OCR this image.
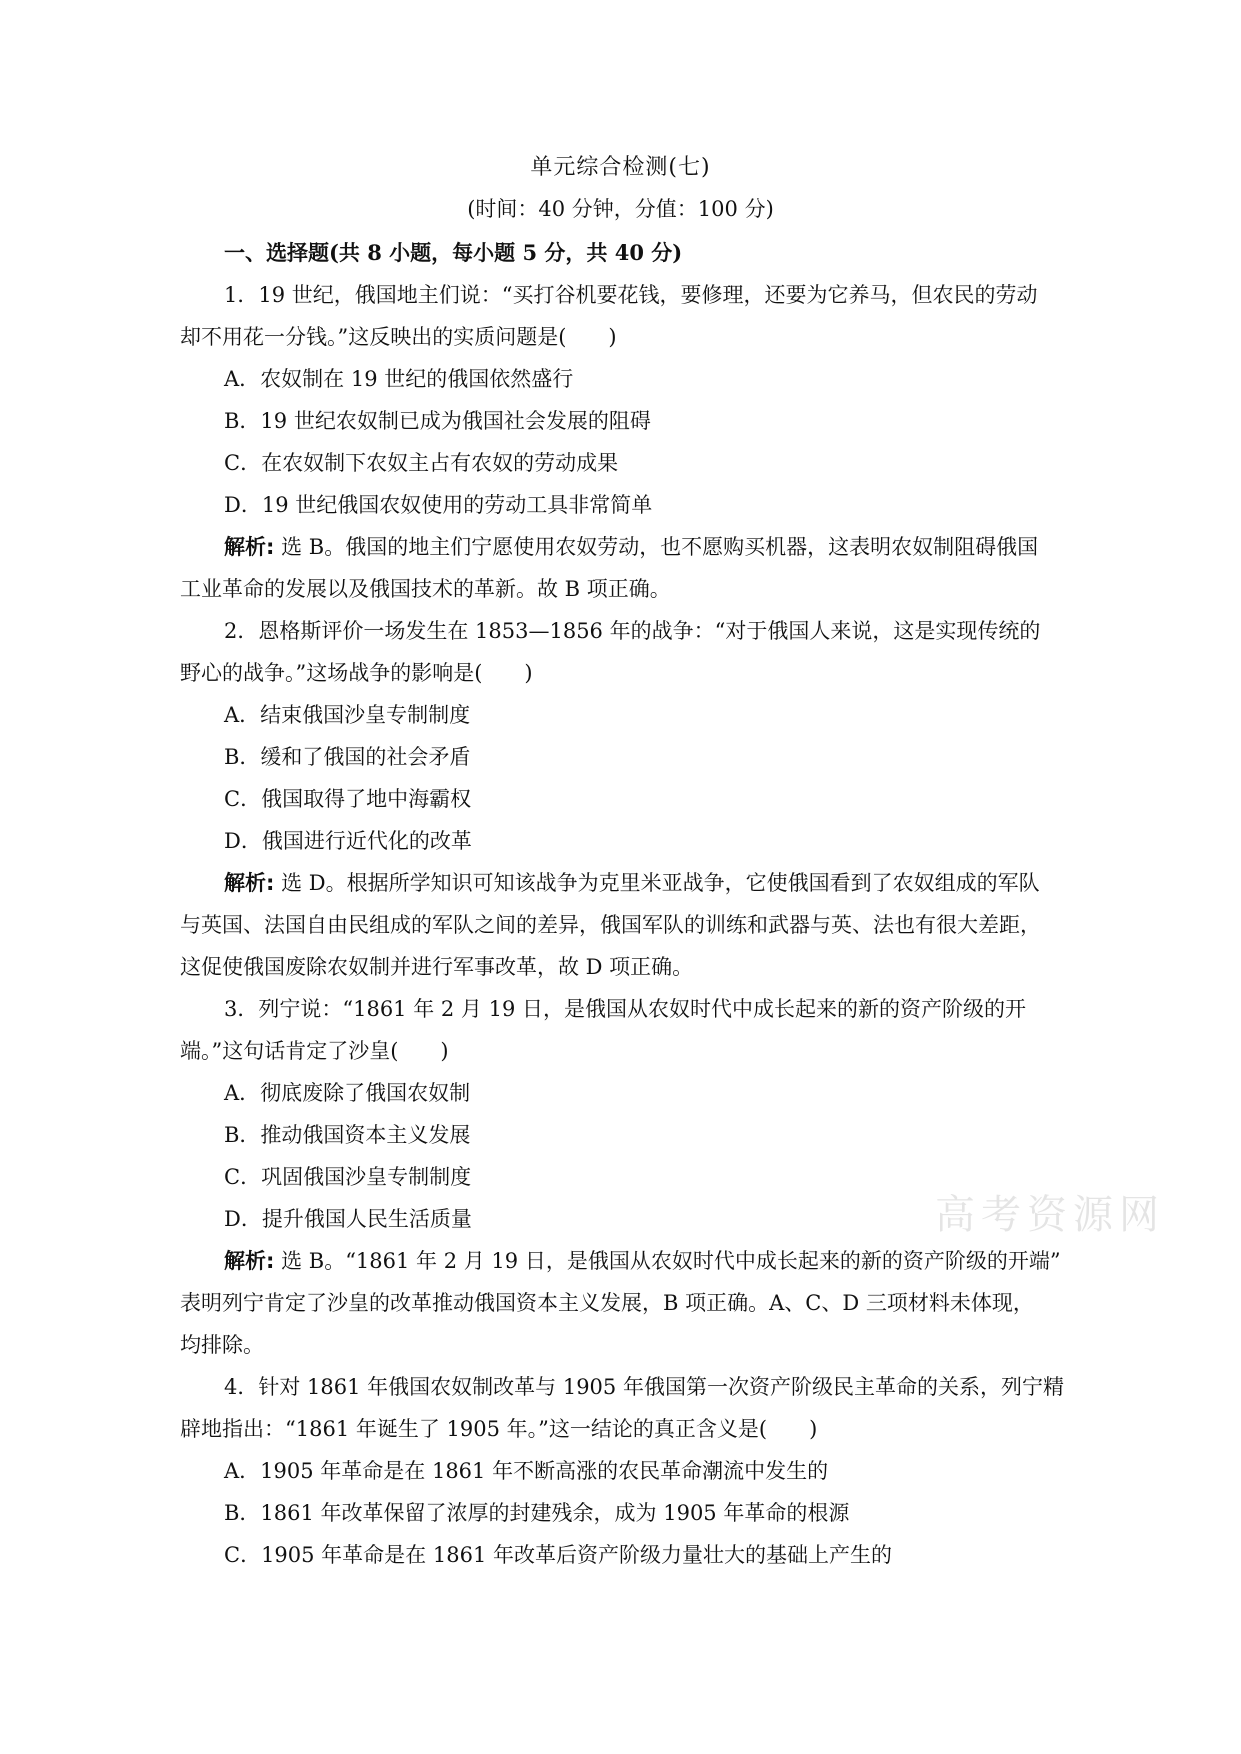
单元综合检测(七)
(时间：40 分钟，分值：100 分)
一、选择题(共 8 小题，每小题 5 分，共 40 分)
1．19 世纪，俄国地主们说：“买打谷机要花钱，要修理，还要为它养马，但农民的劳动
却不用花一分钱。”这反映出的实质问题是(　　)
A．农奴制在 19 世纪的俄国依然盛行
B．19 世纪农奴制已成为俄国社会发展的阻碍
C．在农奴制下农奴主占有农奴的劳动成果
D．19 世纪俄国农奴使用的劳动工具非常简单
解析: 选 B。俄国的地主们宁愿使用农奴劳动，也不愿购买机器，这表明农奴制阻碍俄国
工业革命的发展以及俄国技术的革新。故 B 项正确。
2．恩格斯评价一场发生在 1853—1856 年的战争：“对于俄国人来说，这是实现传统的
野心的战争。”这场战争的影响是(　　)
A．结束俄国沙皇专制制度
B．缓和了俄国的社会矛盾
C．俄国取得了地中海霸权
D．俄国进行近代化的改革
解析: 选 D。根据所学知识可知该战争为克里米亚战争，它使俄国看到了农奴组成的军队
与英国、法国自由民组成的军队之间的差异，俄国军队的训练和武器与英、法也有很大差距，
这促使俄国废除农奴制并进行军事改革，故 D 项正确。
3．列宁说：“1861 年 2 月 19 日，是俄国从农奴时代中成长起来的新的资产阶级的开
端。”这句话肯定了沙皇(　　)
A．彻底废除了俄国农奴制
B．推动俄国资本主义发展
C．巩固俄国沙皇专制制度
D．提升俄国人民生活质量
解析: 选 B。“1861 年 2 月 19 日，是俄国从农奴时代中成长起来的新的资产阶级的开端”
表明列宁肯定了沙皇的改革推动俄国资本主义发展，B 项正确。A、C、D 三项材料未体现，
均排除。
4．针对 1861 年俄国农奴制改革与 1905 年俄国第一次资产阶级民主革命的关系，列宁精
辟地指出：“1861 年诞生了 1905 年。”这一结论的真正含义是(　　)
A．1905 年革命是在 1861 年不断高涨的农民革命潮流中发生的
B．1861 年改革保留了浓厚的封建残余，成为 1905 年革命的根源
C．1905 年革命是在 1861 年改革后资产阶级力量壮大的基础上产生的
高考资源网
